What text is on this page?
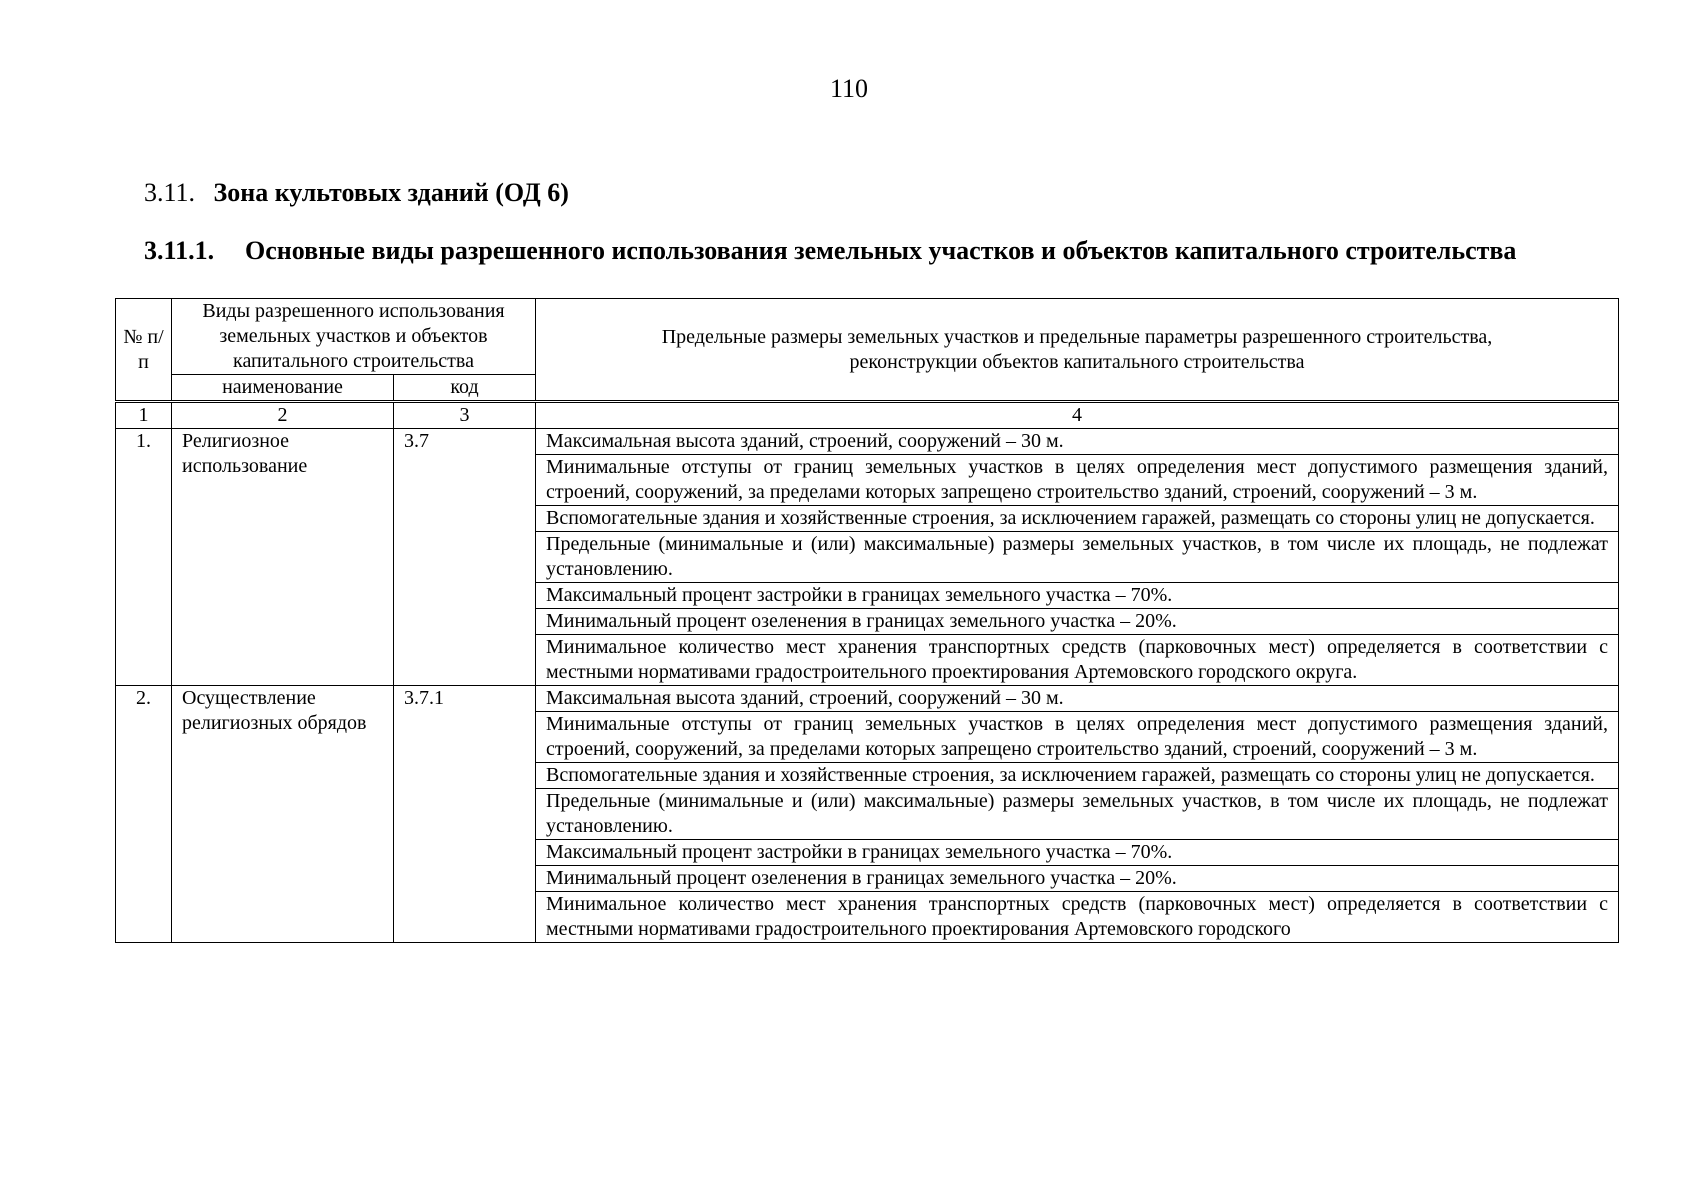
110
3.11. Зона культовых зданий (ОД 6)
3.11.1. Основные виды разрешенного использования земельных участков и объектов капитального строительства
№ п/п	Виды разрешенного использования земельных участков и объектов капитального строительства		Предельные размеры земельных участков и предельные параметры разрешенного строительства, реконструкции объектов капитального строительства
	наименование	код	
1	2	3	4
1.	Религиозное использование	3.7	Максимальная высота зданий, строений, сооружений – 30 м.
			Минимальные отступы от границ земельных участков в целях определения мест допустимого размещения зданий, строений, сооружений, за пределами которых запрещено строительство зданий, строений, сооружений – 3 м.
			Вспомогательные здания и хозяйственные строения, за исключением гаражей, размещать со стороны улиц не допускается.
			Предельные (минимальные и (или) максимальные) размеры земельных участков, в том числе их площадь, не подлежат установлению.
			Максимальный процент застройки в границах земельного участка – 70%.
			Минимальный процент озеленения в границах земельного участка – 20%.
			Минимальное количество мест хранения транспортных средств (парковочных мест) определяется в соответствии с местными нормативами градостроительного проектирования Артемовского городского округа.
2.	Осуществление религиозных обрядов	3.7.1	Максимальная высота зданий, строений, сооружений – 30 м.
			Минимальные отступы от границ земельных участков в целях определения мест допустимого размещения зданий, строений, сооружений, за пределами которых запрещено строительство зданий, строений, сооружений – 3 м.
			Вспомогательные здания и хозяйственные строения, за исключением гаражей, размещать со стороны улиц не допускается.
			Предельные (минимальные и (или) максимальные) размеры земельных участков, в том числе их площадь, не подлежат установлению.
			Максимальный процент застройки в границах земельного участка – 70%.
			Минимальный процент озеленения в границах земельного участка – 20%.
			Минимальное количество мест хранения транспортных средств (парковочных мест) определяется в соответствии с местными нормативами градостроительного проектирования Артемовского городского
